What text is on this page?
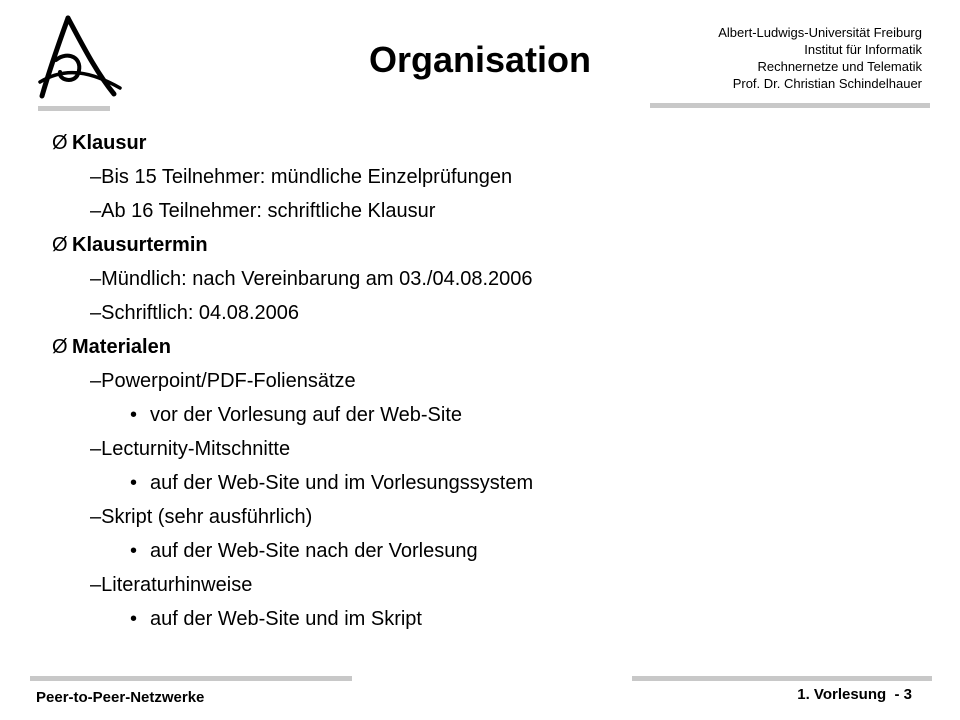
Organisation
Albert-Ludwigs-Universität Freiburg
Institut für Informatik
Rechnernetze und Telematik
Prof. Dr. Christian Schindelhauer
Ø Klausur
–Bis 15 Teilnehmer: mündliche Einzelprüfungen
–Ab 16 Teilnehmer: schriftliche Klausur
Ø Klausurtermin
–Mündlich: nach Vereinbarung am 03./04.08.2006
–Schriftlich: 04.08.2006
Ø Materialen
–Powerpoint/PDF-Foliensätze
• vor der Vorlesung auf der Web-Site
–Lecturnity-Mitschnitte
• auf der Web-Site und im Vorlesungssystem
–Skript (sehr ausführlich)
• auf der Web-Site nach der Vorlesung
–Literaturhinweise
• auf der Web-Site und im Skript
Peer-to-Peer-Netzwerke	1. Vorlesung  - 3
